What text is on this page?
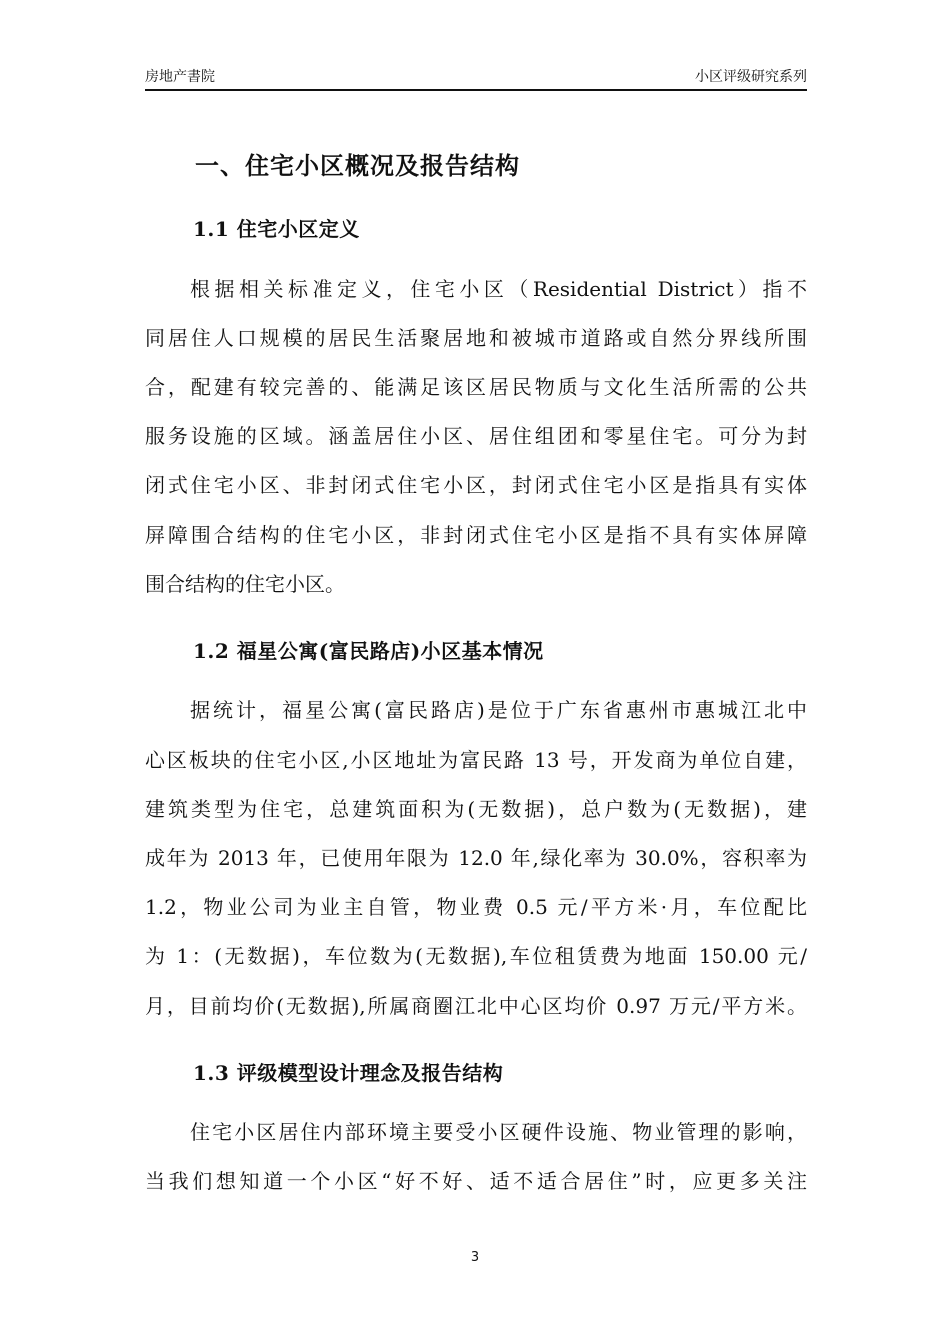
房地产書院	小区评级研究系列
一、住宅小区概况及报告结构
1.1 住宅小区定义
根据相关标准定义，住宅小区（Residential District）指不
同居住人口规模的居民生活聚居地和被城市道路或自然分界线所围
合，配建有较完善的、能满足该区居民物质与文化生活所需的公共
服务设施的区域。涵盖居住小区、居住组团和零星住宅。可分为封
闭式住宅小区、非封闭式住宅小区，封闭式住宅小区是指具有实体
屏障围合结构的住宅小区，非封闭式住宅小区是指不具有实体屏障
围合结构的住宅小区。
1.2 福星公寓(富民路店)小区基本情况
据统计，福星公寓(富民路店)是位于广东省惠州市惠城江北中
心区板块的住宅小区,小区地址为富民路 13 号，开发商为单位自建，
建筑类型为住宅，总建筑面积为(无数据)，总户数为(无数据)，建
成年为 2013 年，已使用年限为 12.0 年,绿化率为 30.0%，容积率为
1.2，物业公司为业主自管，物业费 0.5 元/平方米·月，车位配比
为 1：(无数据)，车位数为(无数据),车位租赁费为地面 150.00 元/
月，目前均价(无数据),所属商圈江北中心区均价 0.97 万元/平方米。
1.3 评级模型设计理念及报告结构
住宅小区居住内部环境主要受小区硬件设施、物业管理的影响，
当我们想知道一个小区“好不好、适不适合居住”时，应更多关注
3
